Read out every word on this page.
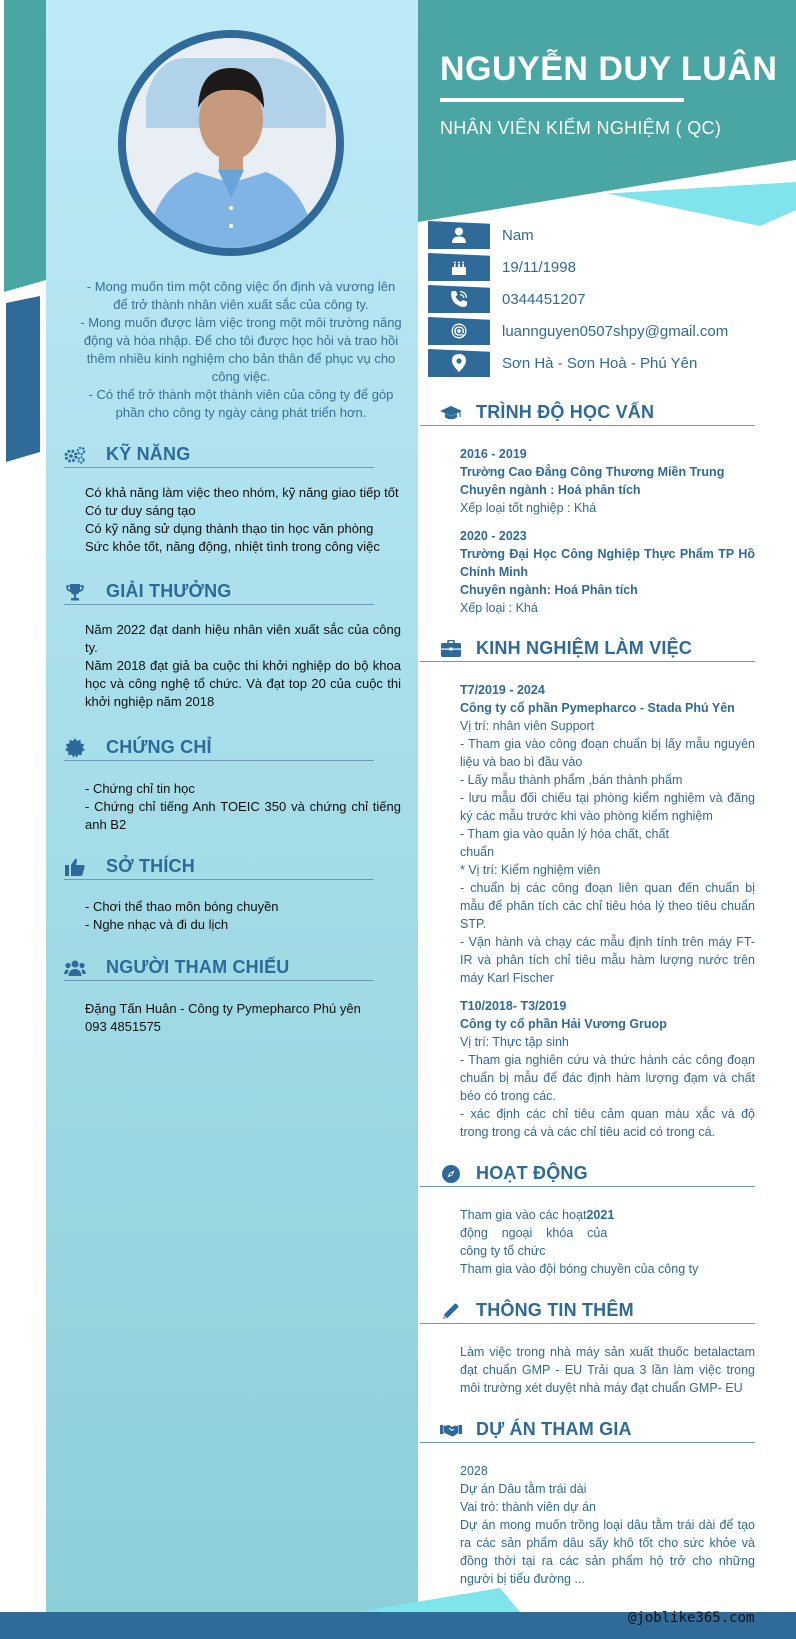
- Mong muốn tìm một công việc ổn định và vương lên để trở thành nhân viên xuất sắc của công ty.
- Mong muốn được làm việc trong một môi trường năng động và hòa nhập. Để cho tôi được học hỏi và trao hồi thêm nhiều kinh nghiệm cho bản thân để phục vụ cho công việc.
- Có thể trở thành một thành viên của công ty để góp phần cho công ty ngày càng phát triển hơn.
KỸ NĂNG
Có khả năng làm việc theo nhóm, kỹ năng giao tiếp tốt
Có tư duy sáng tạo
Có kỹ năng sử dụng thành thạo tin học văn phòng
Sức khỏe tốt, năng động, nhiệt tình trong công việc
GIẢI THƯỞNG
Năm 2022 đạt danh hiệu nhân viên xuất sắc của công ty.
Năm 2018 đạt giả ba cuộc thi khởi nghiệp do bộ khoa học và công nghệ tổ chức. Và đạt top 20 của cuộc thi khởi nghiệp năm 2018
CHỨNG CHỈ
- Chứng chỉ tin học
- Chứng chỉ tiếng Anh TOEIC 350 và chứng chỉ tiếng anh B2
SỞ THÍCH
- Chơi thể thao môn bóng chuyền
- Nghe nhạc và đi du lịch
NGƯỜI THAM CHIẾU
Đặng Tấn Huân - Công ty Pymepharco Phú yên
093 4851575
NGUYỄN DUY LUÂN
NHÂN VIÊN KIỂM NGHIỆM ( QC)
Nam
19/11/1998
0344451207
luannguyen0507shpy@gmail.com
Sơn Hà - Sơn Hoà - Phú Yên
TRÌNH ĐỘ HỌC VẤN
2016 - 2019
Trường Cao Đẳng Công Thương Miền Trung
Chuyên ngành : Hoá phân tích
Xếp loại tốt nghiệp : Khá
2020 - 2023
Trường Đại Học Công Nghiệp Thực Phẩm TP Hồ Chính Minh
Chuyên ngành: Hoá Phân tích
Xếp loại : Khá
KINH NGHIỆM LÀM VIỆC
T7/2019 - 2024
Công ty cổ phần Pymepharco - Stada Phú Yên
Vị trí: nhân viên Support
- Tham gia vào công đoạn chuẩn bị lấy mẫu nguyên liệu và bao bì đầu vào
- Lấy mẫu thành phẩm ,bán thành phẩm
- lưu mẫu đối chiếu tại phòng kiểm nghiệm và đăng ký các mẫu trước khi vào phòng kiểm nghiệm
- Tham gia vào quản lý hóa chất, chất
chuẩn
* Vị trí: Kiểm nghiệm viên
- chuẩn bị các công đoạn liên quan đến chuẩn bị mẫu để phân tích các chỉ tiêu hóa lý theo tiêu chuẩn STP.
- Vận hành và chạy các mẫu định tính trên máy FT-IR và phân tích chỉ tiêu mẫu hàm lượng nước trên máy Karl Fischer
T10/2018- T3/2019
Công ty cổ phần Hải Vương Gruop
Vị trí: Thực tập sinh
- Tham gia nghiên cứu và thức hành các công đoạn chuẩn bị mẫu để đác định hàm lượng đạm và chất béo có trong các.
- xác định các chỉ tiêu cảm quan màu xắc và độ trong trong cá và các chỉ tiêu acid có trong cá.
HOẠT ĐỘNG
Tham gia vào các hoạt2021
động    ngoại    khóa    của
công ty tổ chức
Tham gia vào đội bóng chuyền của công ty
THÔNG TIN THÊM
Làm việc trong nhà máy sản xuất thuốc betalactam đạt chuẩn GMP - EU Trải qua 3 lần làm việc trong môi trường xét duyệt nhà máy đạt chuẩn GMP- EU
DỰ ÁN THAM GIA
2028
Dự án Dâu tằm trái dài
Vai trò: thành viên dự án
Dự án mong muốn trồng loại dâu tằm trái dài để tạo ra các sản phẩm dâu sấy khô tốt cho sức khỏe và đồng thời tại ra các sản phẩm hộ trở cho những người bị tiểu đường ...
@joblike365.com
